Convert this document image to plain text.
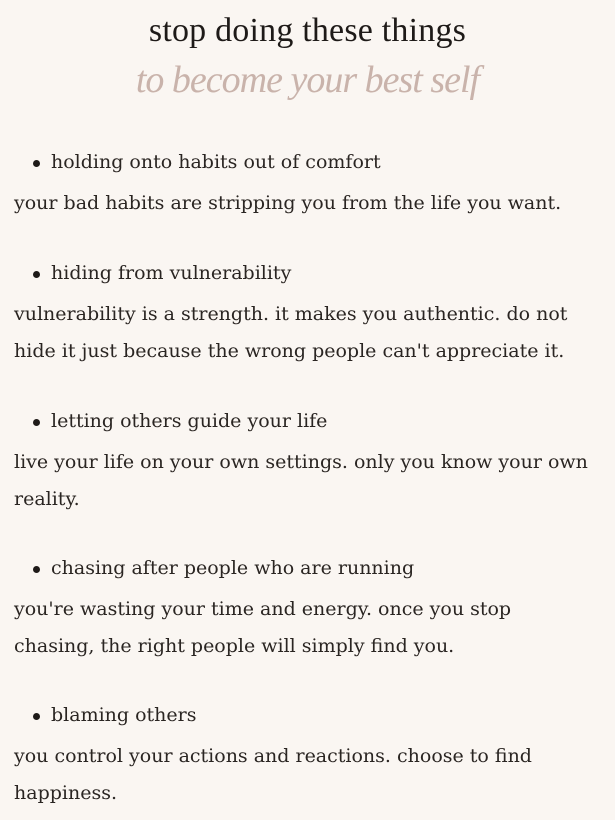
stop doing these things
to become your best self
holding onto habits out of comfort
your bad habits are stripping you from the life you want.
hiding from vulnerability
vulnerability is a strength. it makes you authentic. do not hide it just because the wrong people can't appreciate it.
letting others guide your life
live your life on your own settings. only you know your own reality.
chasing after people who are running
you're wasting your time and energy. once you stop chasing, the right people will simply find you.
blaming others
you control your actions and reactions. choose to find happiness.
